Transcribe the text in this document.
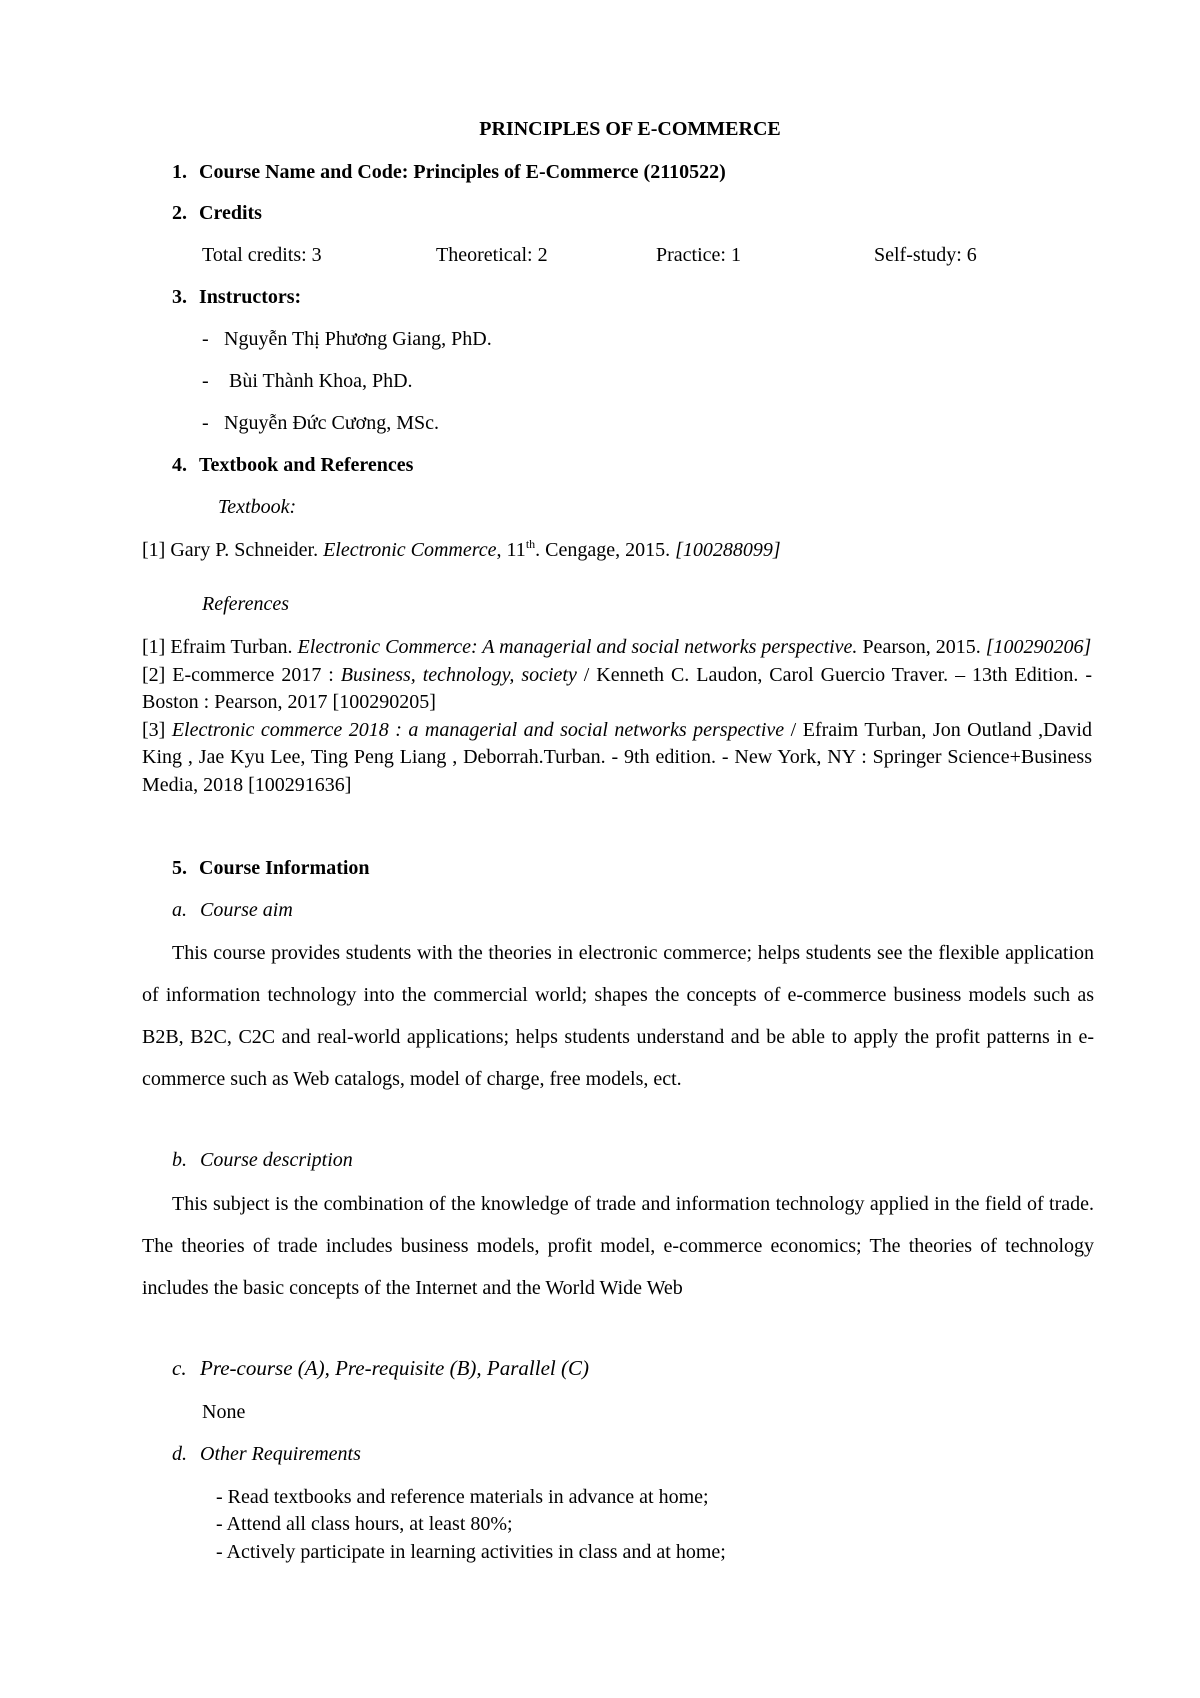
PRINCIPLES OF E-COMMERCE
1. Course Name and Code: Principles of E-Commerce (2110522)
2. Credits
Total credits: 3	Theoretical: 2	Practice: 1	Self-study: 6
3. Instructors:
- Nguyễn Thị Phương Giang, PhD.
- Bùi Thành Khoa, PhD.
- Nguyễn Đức Cương, MSc.
4. Textbook and References
Textbook:
[1] Gary P. Schneider. Electronic Commerce, 11th. Cengage, 2015. [100288099]
References

[1] Efraim Turban. Electronic Commerce: A managerial and social networks perspective. Pearson, 2015. [100290206]

[2] E-commerce 2017 : Business, technology, society / Kenneth C. Laudon, Carol Guercio Traver. – 13th Edition. - Boston : Pearson, 2017 [100290205]

[3] Electronic commerce 2018 : a managerial and social networks perspective / Efraim Turban, Jon Outland ,David King , Jae Kyu Lee, Ting Peng Liang , Deborrah.Turban. - 9th edition. - New York, NY : Springer Science+Business Media, 2018 [100291636]

5. Course Information
a. Course aim

This course provides students with the theories in electronic commerce; helps students see the flexible application of information technology into the commercial world; shapes the concepts of e-commerce business models such as B2B, B2C, C2C and real-world applications; helps students understand and be able to apply the profit patterns in e-commerce such as Web catalogs, model of charge, free models, ect.

b. Course description

This subject is the combination of the knowledge of trade and information technology applied in the field of trade. The theories of trade includes business models, profit model, e-commerce economics; The theories of technology includes the basic concepts of the Internet and the World Wide Web

c. Pre-course (A), Pre-requisite (B), Parallel (C)
None
d. Other Requirements
- Read textbooks and reference materials in advance at home;
- Attend all class hours, at least 80%;
- Actively participate in learning activities in class and at home;
